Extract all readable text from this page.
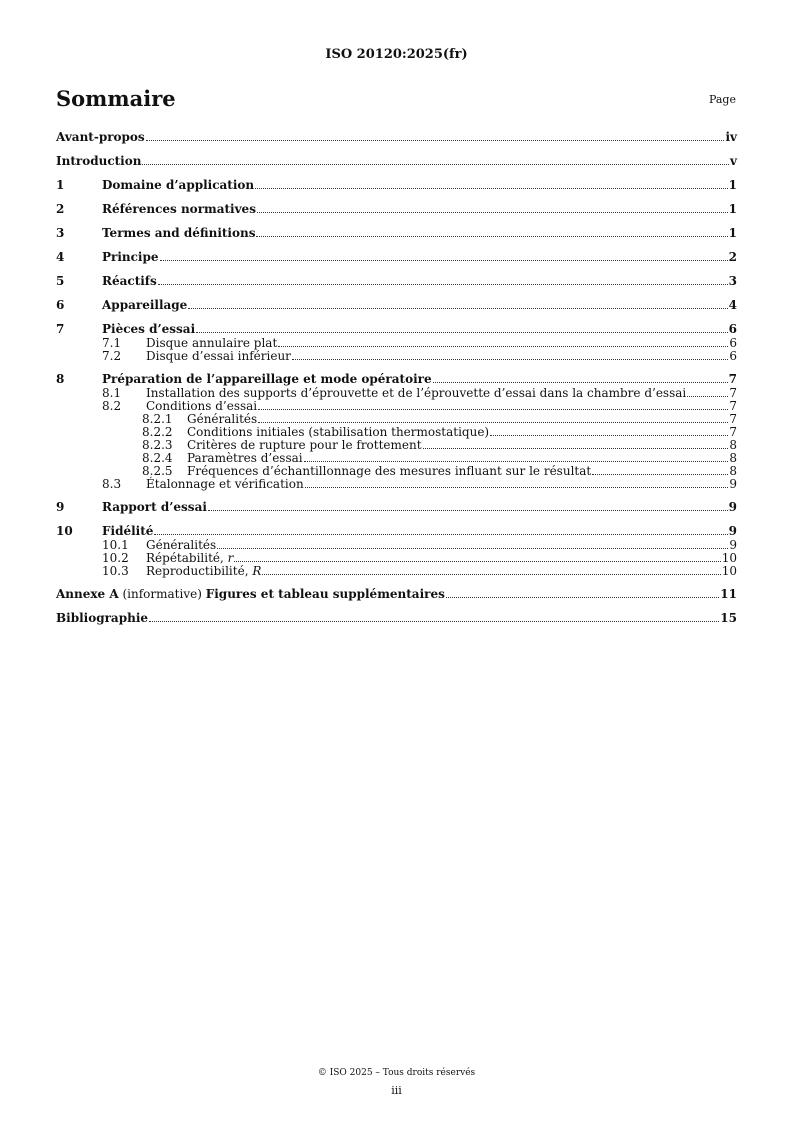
ISO 20120:2025(fr)
Sommaire	Page
Avant-propos	iv
Introduction	v
1	Domaine d’application	1
2	Références normatives	1
3	Termes and définitions	1
4	Principe	2
5	Réactifs	3
6	Appareillage	4
7	Pièces d’essai	6
7.1	Disque annulaire plat	6
7.2	Disque d’essai inférieur	6
8	Préparation de l’appareillage et mode opératoire	7
8.1	Installation des supports d’éprouvette et de l’éprouvette d’essai dans la chambre d’essai	7
8.2	Conditions d’essai	7
8.2.1	Généralités	7
8.2.2	Conditions initiales (stabilisation thermostatique)	7
8.2.3	Critères de rupture pour le frottement	8
8.2.4	Paramètres d’essai	8
8.2.5	Fréquences d’échantillonnage des mesures influant sur le résultat	8
8.3	Étalonnage et vérification	9
9	Rapport d’essai	9
10	Fidélité	9
10.1	Généralités	9
10.2	Répétabilité, r	10
10.3	Reproductibilité, R	10
Annexe A (informative) Figures et tableau supplémentaires	11
Bibliographie	15
© ISO 2025 – Tous droits réservés
iii
